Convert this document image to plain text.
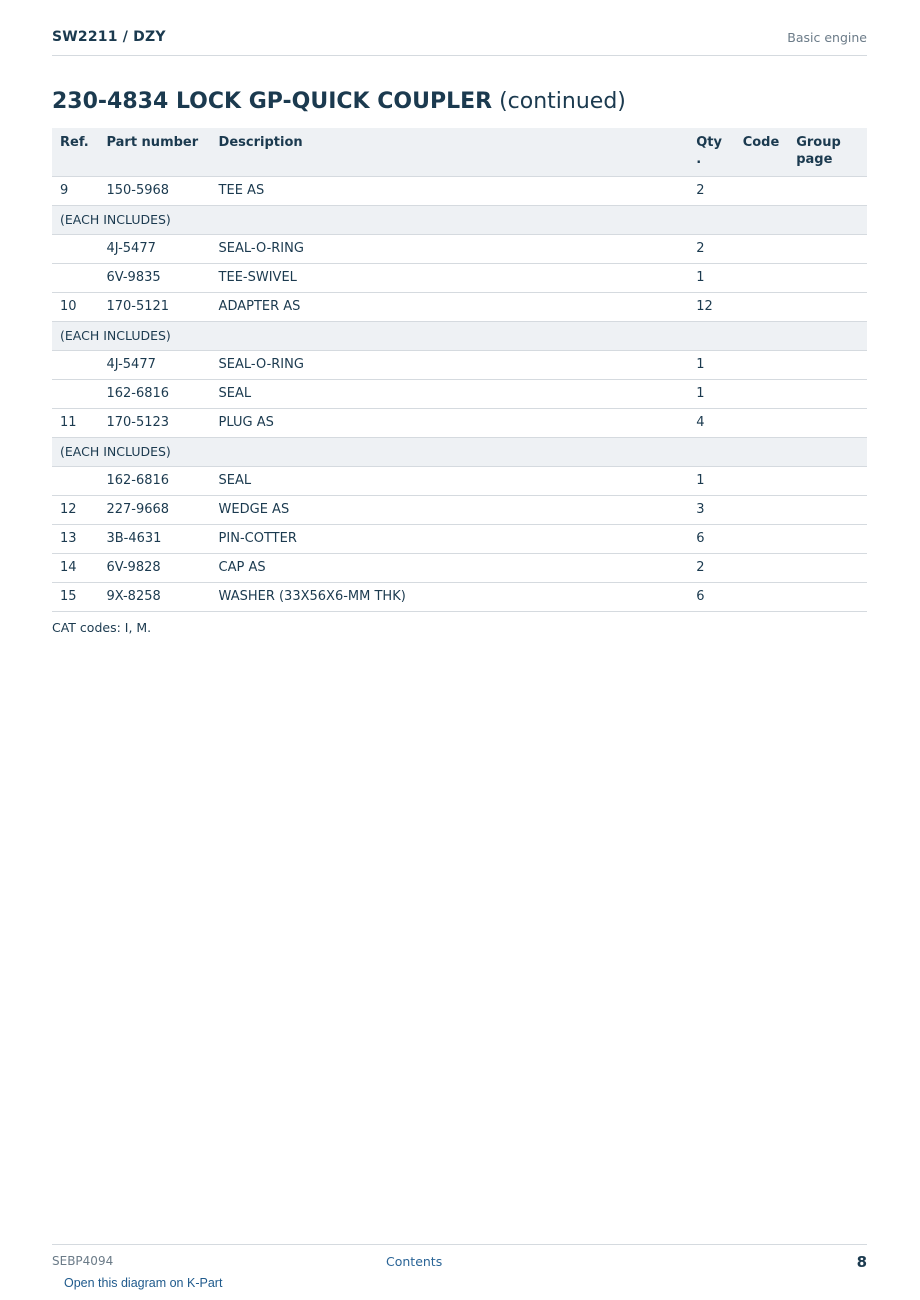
SW2211 / DZY	Basic engine
230-4834 LOCK GP-QUICK COUPLER (continued)
Ref.	Part number	Description	Qty .	Code	Group page
9	150-5968	TEE AS	2		
(EACH INCLUDES)					
	4J-5477	SEAL-O-RING	2		
	6V-9835	TEE-SWIVEL	1		
10	170-5121	ADAPTER AS	12		
(EACH INCLUDES)					
	4J-5477	SEAL-O-RING	1		
	162-6816	SEAL	1		
11	170-5123	PLUG AS	4		
(EACH INCLUDES)					
	162-6816	SEAL	1		
12	227-9668	WEDGE AS	3		
13	3B-4631	PIN-COTTER	6		
14	6V-9828	CAP AS	2		
15	9X-8258	WASHER (33X56X6-MM THK)	6		
CAT codes: I, M.
SEBP4094	Contents	8
Open this diagram on K-Part
